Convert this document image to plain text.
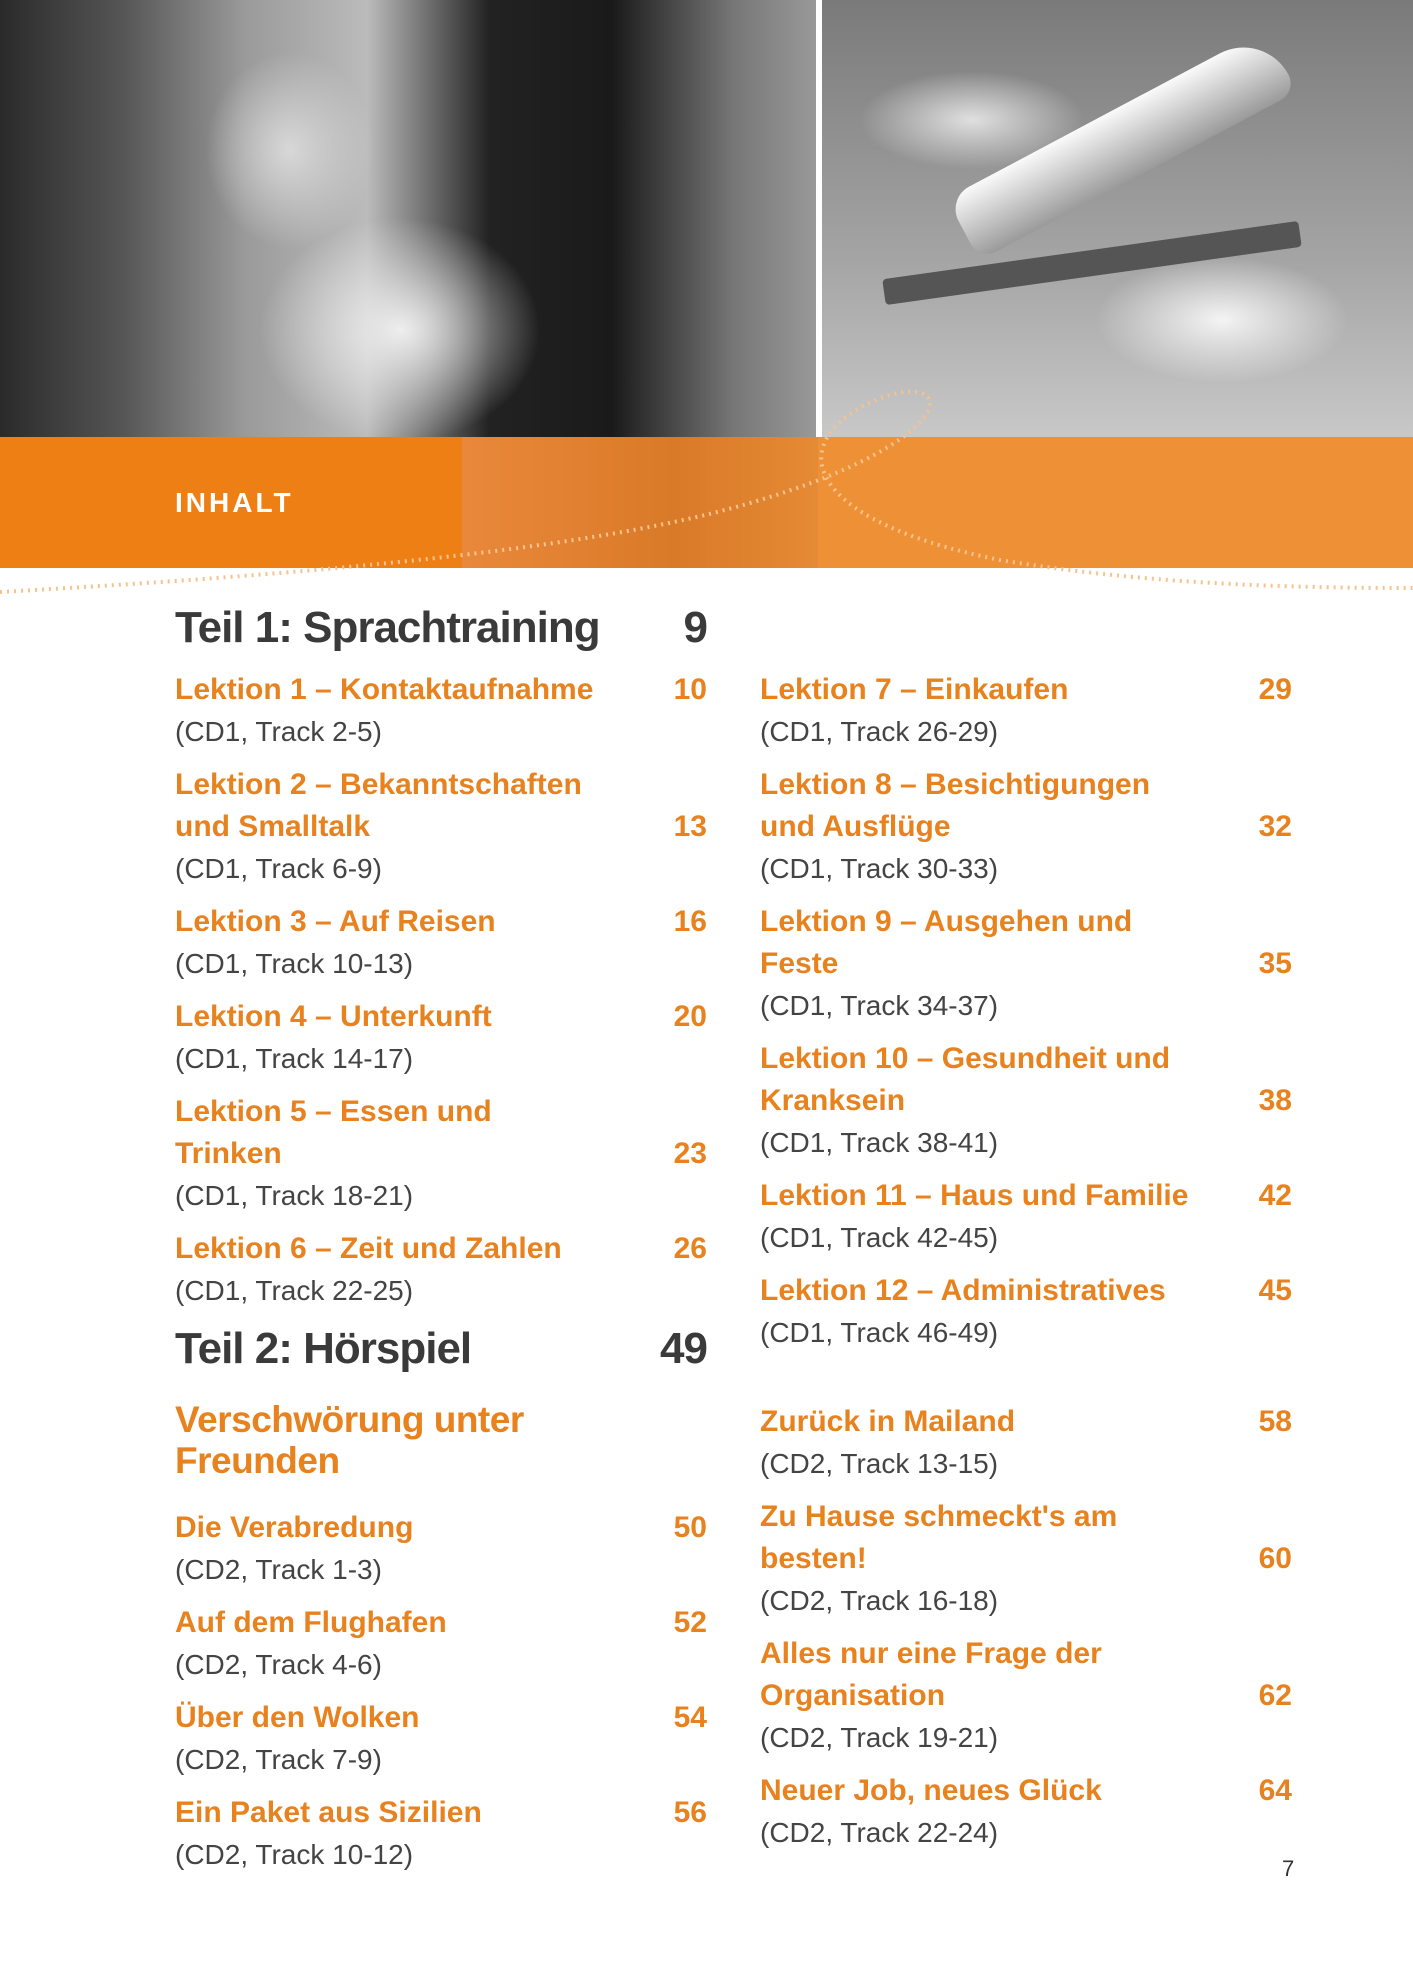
INHALT
Teil 1: Sprachtraining 9
Lektion 1 – Kontaktaufnahme	10
(CD1, Track 2-5)
Lektion 2 – Bekanntschaften und Smalltalk	13
(CD1, Track 6-9)
Lektion 3 – Auf Reisen	16
(CD1, Track 10-13)
Lektion 4 – Unterkunft	20
(CD1, Track 14-17)
Lektion 5 – Essen und Trinken	23
(CD1, Track 18-21)
Lektion 6 – Zeit und Zahlen	26
(CD1, Track 22-25)
Lektion 7 – Einkaufen	29
(CD1, Track 26-29)
Lektion 8 – Besichtigungen und Ausflüge	32
(CD1, Track 30-33)
Lektion 9 – Ausgehen und Feste	35
(CD1, Track 34-37)
Lektion 10 – Gesundheit und Kranksein	38
(CD1, Track 38-41)
Lektion 11 – Haus und Familie 42
(CD1, Track 42-45)
Lektion 12 – Administratives	45
(CD1, Track 46-49)
Teil 2: Hörspiel	49
Verschwörung unter Freunden
Die Verabredung	50
(CD2, Track 1-3)
Auf dem Flughafen	52
(CD2, Track 4-6)
Über den Wolken	54
(CD2, Track 7-9)
Ein Paket aus Sizilien	56
(CD2, Track 10-12)
Zurück in Mailand	58
(CD2, Track 13-15)
Zu Hause schmeckt's am besten!	60
(CD2, Track 16-18)
Alles nur eine Frage der Organisation	62
(CD2, Track 19-21)
Neuer Job, neues Glück	64
(CD2, Track 22-24)
7
